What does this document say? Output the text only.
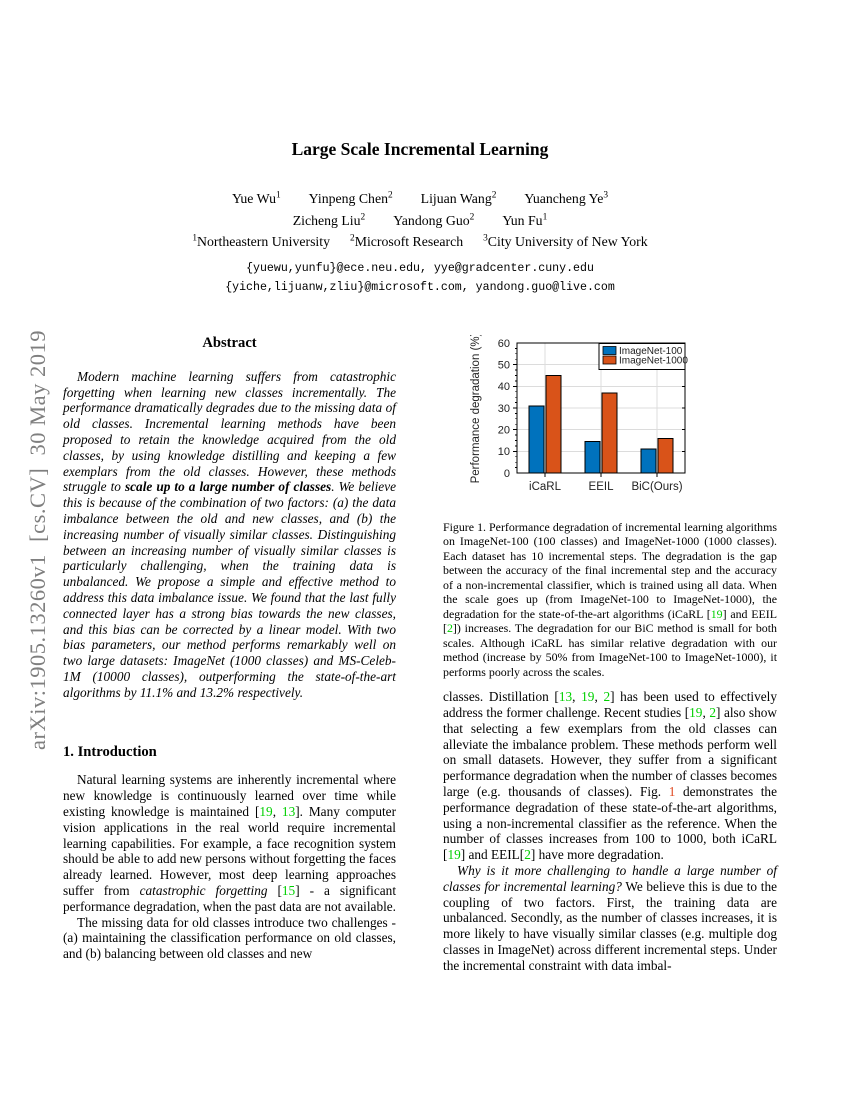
arXiv:1905.13260v1  [cs.CV]  30 May 2019
Large Scale Incremental Learning
Yue Wu$^1$ Yinpeng Chen$^2$ Lijuan Wang$^2$ Yuancheng Ye$^3$
Zicheng Liu$^2$ Yandong Guo$^2$ Yun Fu$^1$
$^1$Northeastern University $^2$Microsoft Research $^3$City University of New York
{yuewu,yunfu}@ece.neu.edu, yye@gradcenter.cuny.edu
{yiche,lijuanw,zliu}@microsoft.com, yandong.guo@live.com
Abstract
Modern machine learning suffers from catastrophic forgetting when learning new classes incrementally. The performance dramatically degrades due to the missing data of old classes. Incremental learning methods have been proposed to retain the knowledge acquired from the old classes, by using knowledge distilling and keeping a few exemplars from the old classes. However, these methods struggle to scale up to a large number of classes. We believe this is because of the combination of two factors: (a) the data imbalance between the old and new classes, and (b) the increasing number of visually similar classes. Distinguishing between an increasing number of visually similar classes is particularly challenging, when the training data is unbalanced. We propose a simple and effective method to address this data imbalance issue. We found that the last fully connected layer has a strong bias towards the new classes, and this bias can be corrected by a linear model. With two bias parameters, our method performs remarkably well on two large datasets: ImageNet (1000 classes) and MS-Celeb-1M (10000 classes), outperforming the state-of-the-art algorithms by 11.1% and 13.2% respectively.
1. Introduction
Natural learning systems are inherently incremental where new knowledge is continuously learned over time while existing knowledge is maintained [19, 13]. Many computer vision applications in the real world require incremental learning capabilities. For example, a face recognition system should be able to add new persons without forgetting the faces already learned. However, most deep learning approaches suffer from catastrophic forgetting [15] - a significant performance degradation, when the past data are not available.
The missing data for old classes introduce two challenges - (a) maintaining the classification performance on old classes, and (b) balancing between old classes and new
0
10
20
30
40
50
60
iCaRL EEIL BiC(Ours)
Performance degradation (%)	ImageNet-100
ImageNet-1000
Figure 1. Performance degradation of incremental learning algorithms on ImageNet-100 (100 classes) and ImageNet-1000 (1000 classes). Each dataset has 10 incremental steps. The degradation is the gap between the accuracy of the final incremental step and the accuracy of a non-incremental classifier, which is trained using all data. When the scale goes up (from ImageNet-100 to ImageNet-1000), the degradation for the state-of-the-art algorithms (iCaRL [19] and EEIL [2]) increases. The degradation for our BiC method is small for both scales. Although iCaRL has similar relative degradation with our method (increase by 50% from ImageNet-100 to ImageNet-1000), it performs poorly across the scales.
classes. Distillation [13, 19, 2] has been used to effectively address the former challenge. Recent studies [19, 2] also show that selecting a few exemplars from the old classes can alleviate the imbalance problem. These methods perform well on small datasets. However, they suffer from a significant performance degradation when the number of classes becomes large (e.g. thousands of classes). Fig. 1 demonstrates the performance degradation of these state-of-the-art algorithms, using a non-incremental classifier as the reference. When the number of classes increases from 100 to 1000, both iCaRL [19] and EEIL[2] have more degradation.
Why is it more challenging to handle a large number of classes for incremental learning? We believe this is due to the coupling of two factors. First, the training data are unbalanced. Secondly, as the number of classes increases, it is more likely to have visually similar classes (e.g. multiple dog classes in ImageNet) across different incremental steps. Under the incremental constraint with data imbal-
